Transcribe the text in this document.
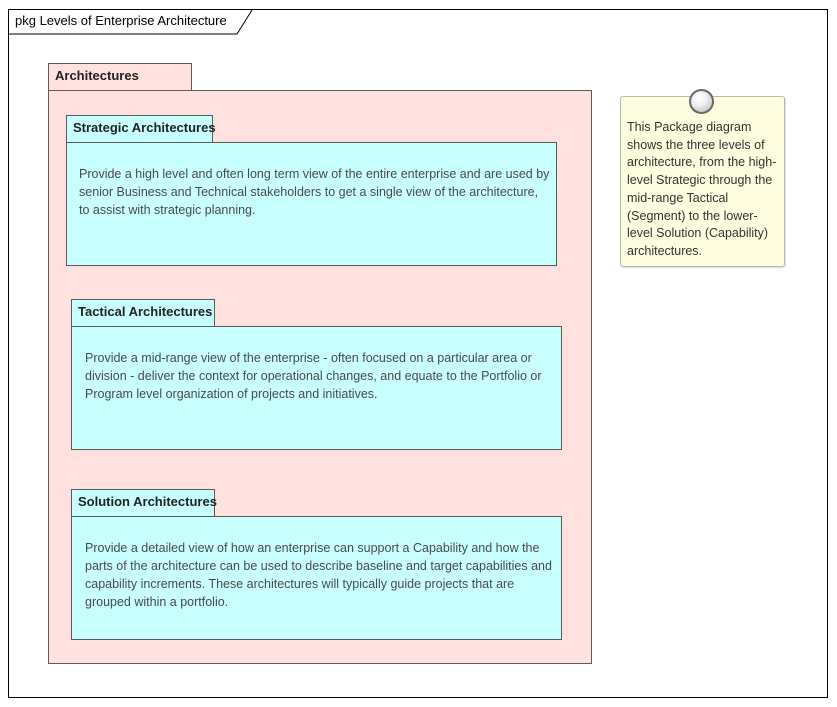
pkg Levels of Enterprise Architecture
Architectures
Strategic Architectures
Provide a high level and often long term view of the entire enterprise and are used by senior Business and Technical stakeholders to get a single view of the architecture, to assist with strategic planning.
Tactical Architectures
Provide a mid-range view of the enterprise - often focused on a particular area or division - deliver the context for operational changes, and equate to the Portfolio or Program level organization of projects and initiatives.
Solution Architectures
Provide a detailed view of how an enterprise can support a Capability and how the parts of the architecture can be used to describe baseline and target capabilities and capability increments. These architectures will typically guide projects that are grouped within a portfolio.
This Package diagram shows the three levels of architecture, from the high-level Strategic through the mid-range Tactical (Segment) to the lower-level Solution (Capability) architectures.
